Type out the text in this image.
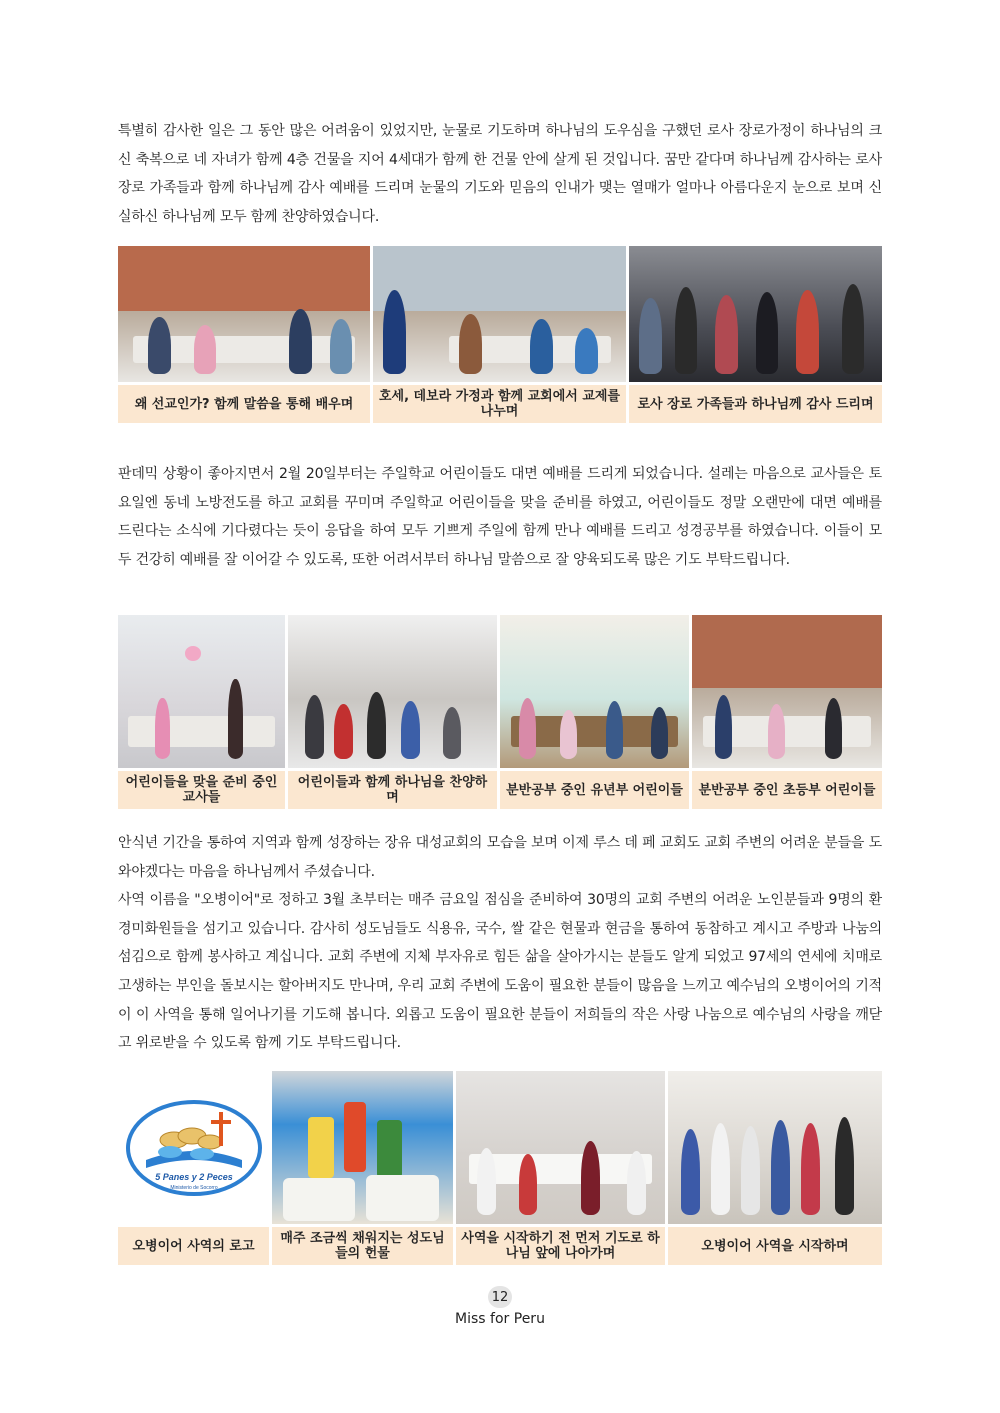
특별히 감사한 일은 그 동안 많은 어려움이 있었지만, 눈물로 기도하며 하나님의 도우심을 구했던 로사 장로가정이 하나님의 크신 축복으로 네 자녀가 함께 4층 건물을 지어 4세대가 함께 한 건물 안에 살게 된 것입니다. 꿈만 같다며 하나님께 감사하는 로사 장로 가족들과 함께 하나님께 감사 예배를 드리며 눈물의 기도와 믿음의 인내가 맺는 열매가 얼마나 아름다운지 눈으로 보며 신실하신 하나님께 모두 함께 찬양하였습니다.
왜 선교인가? 함께 말씀을 통해 배우며	호세, 데보라 가정과 함께 교회에서 교제를 나누며	로사 장로 가족들과 하나님께 감사 드리며
판데믹 상황이 좋아지면서 2월 20일부터는 주일학교 어린이들도 대면 예배를 드리게 되었습니다. 설레는 마음으로 교사들은 토요일엔 동네 노방전도를 하고 교회를 꾸미며 주일학교 어린이들을 맞을 준비를 하였고, 어린이들도 정말 오랜만에 대면 예배를 드린다는 소식에 기다렸다는 듯이 응답을 하여 모두 기쁘게 주일에 함께 만나 예배를 드리고 성경공부를 하였습니다. 이들이 모두 건강히 예배를 잘 이어갈 수 있도록, 또한 어려서부터 하나님 말씀으로 잘 양육되도록 많은 기도 부탁드립니다.
어린이들을 맞을 준비 중인 교사들
어린이들과 함께 하나님을 찬양하며	분반공부 중인 유년부 어린이들	분반공부 중인 초등부 어린이들
안식년 기간을 통하여 지역과 함께 성장하는 장유 대성교회의 모습을 보며 이제 루스 데 페 교회도 교회 주변의 어려운 분들을 도와야겠다는 마음을 하나님께서 주셨습니다.
사역 이름을 "오병이어"로 정하고 3월 초부터는 매주 금요일 점심을 준비하여 30명의 교회 주변의 어려운 노인분들과 9명의 환경미화원들을 섬기고 있습니다. 감사히 성도님들도 식용유, 국수, 쌀 같은 현물과 현금을 통하여 동참하고 계시고 주방과 나눔의 섬김으로 함께 봉사하고 계십니다. 교회 주변에 지체 부자유로 힘든 삶을 살아가시는 분들도 알게 되었고 97세의 연세에 치매로 고생하는 부인을 돌보시는 할아버지도 만나며, 우리 교회 주변에 도움이 필요한 분들이 많음을 느끼고 예수님의 오병이어의 기적이 이 사역을 통해 일어나기를 기도해 봅니다. 외롭고 도움이 필요한 분들이 저희들의 작은 사랑 나눔으로 예수님의 사랑을 깨닫고 위로받을 수 있도록 함께 기도 부탁드립니다.
5 Panes y 2 Peces
Ministerio de Socorro
오병이어 사역의 로고	매주 조금씩 채워지는 성도님들의 헌물
사역을 시작하기 전 먼저 기도로 하나님 앞에 나아가며	오병이어 사역을 시작하며
12
Miss for Peru
